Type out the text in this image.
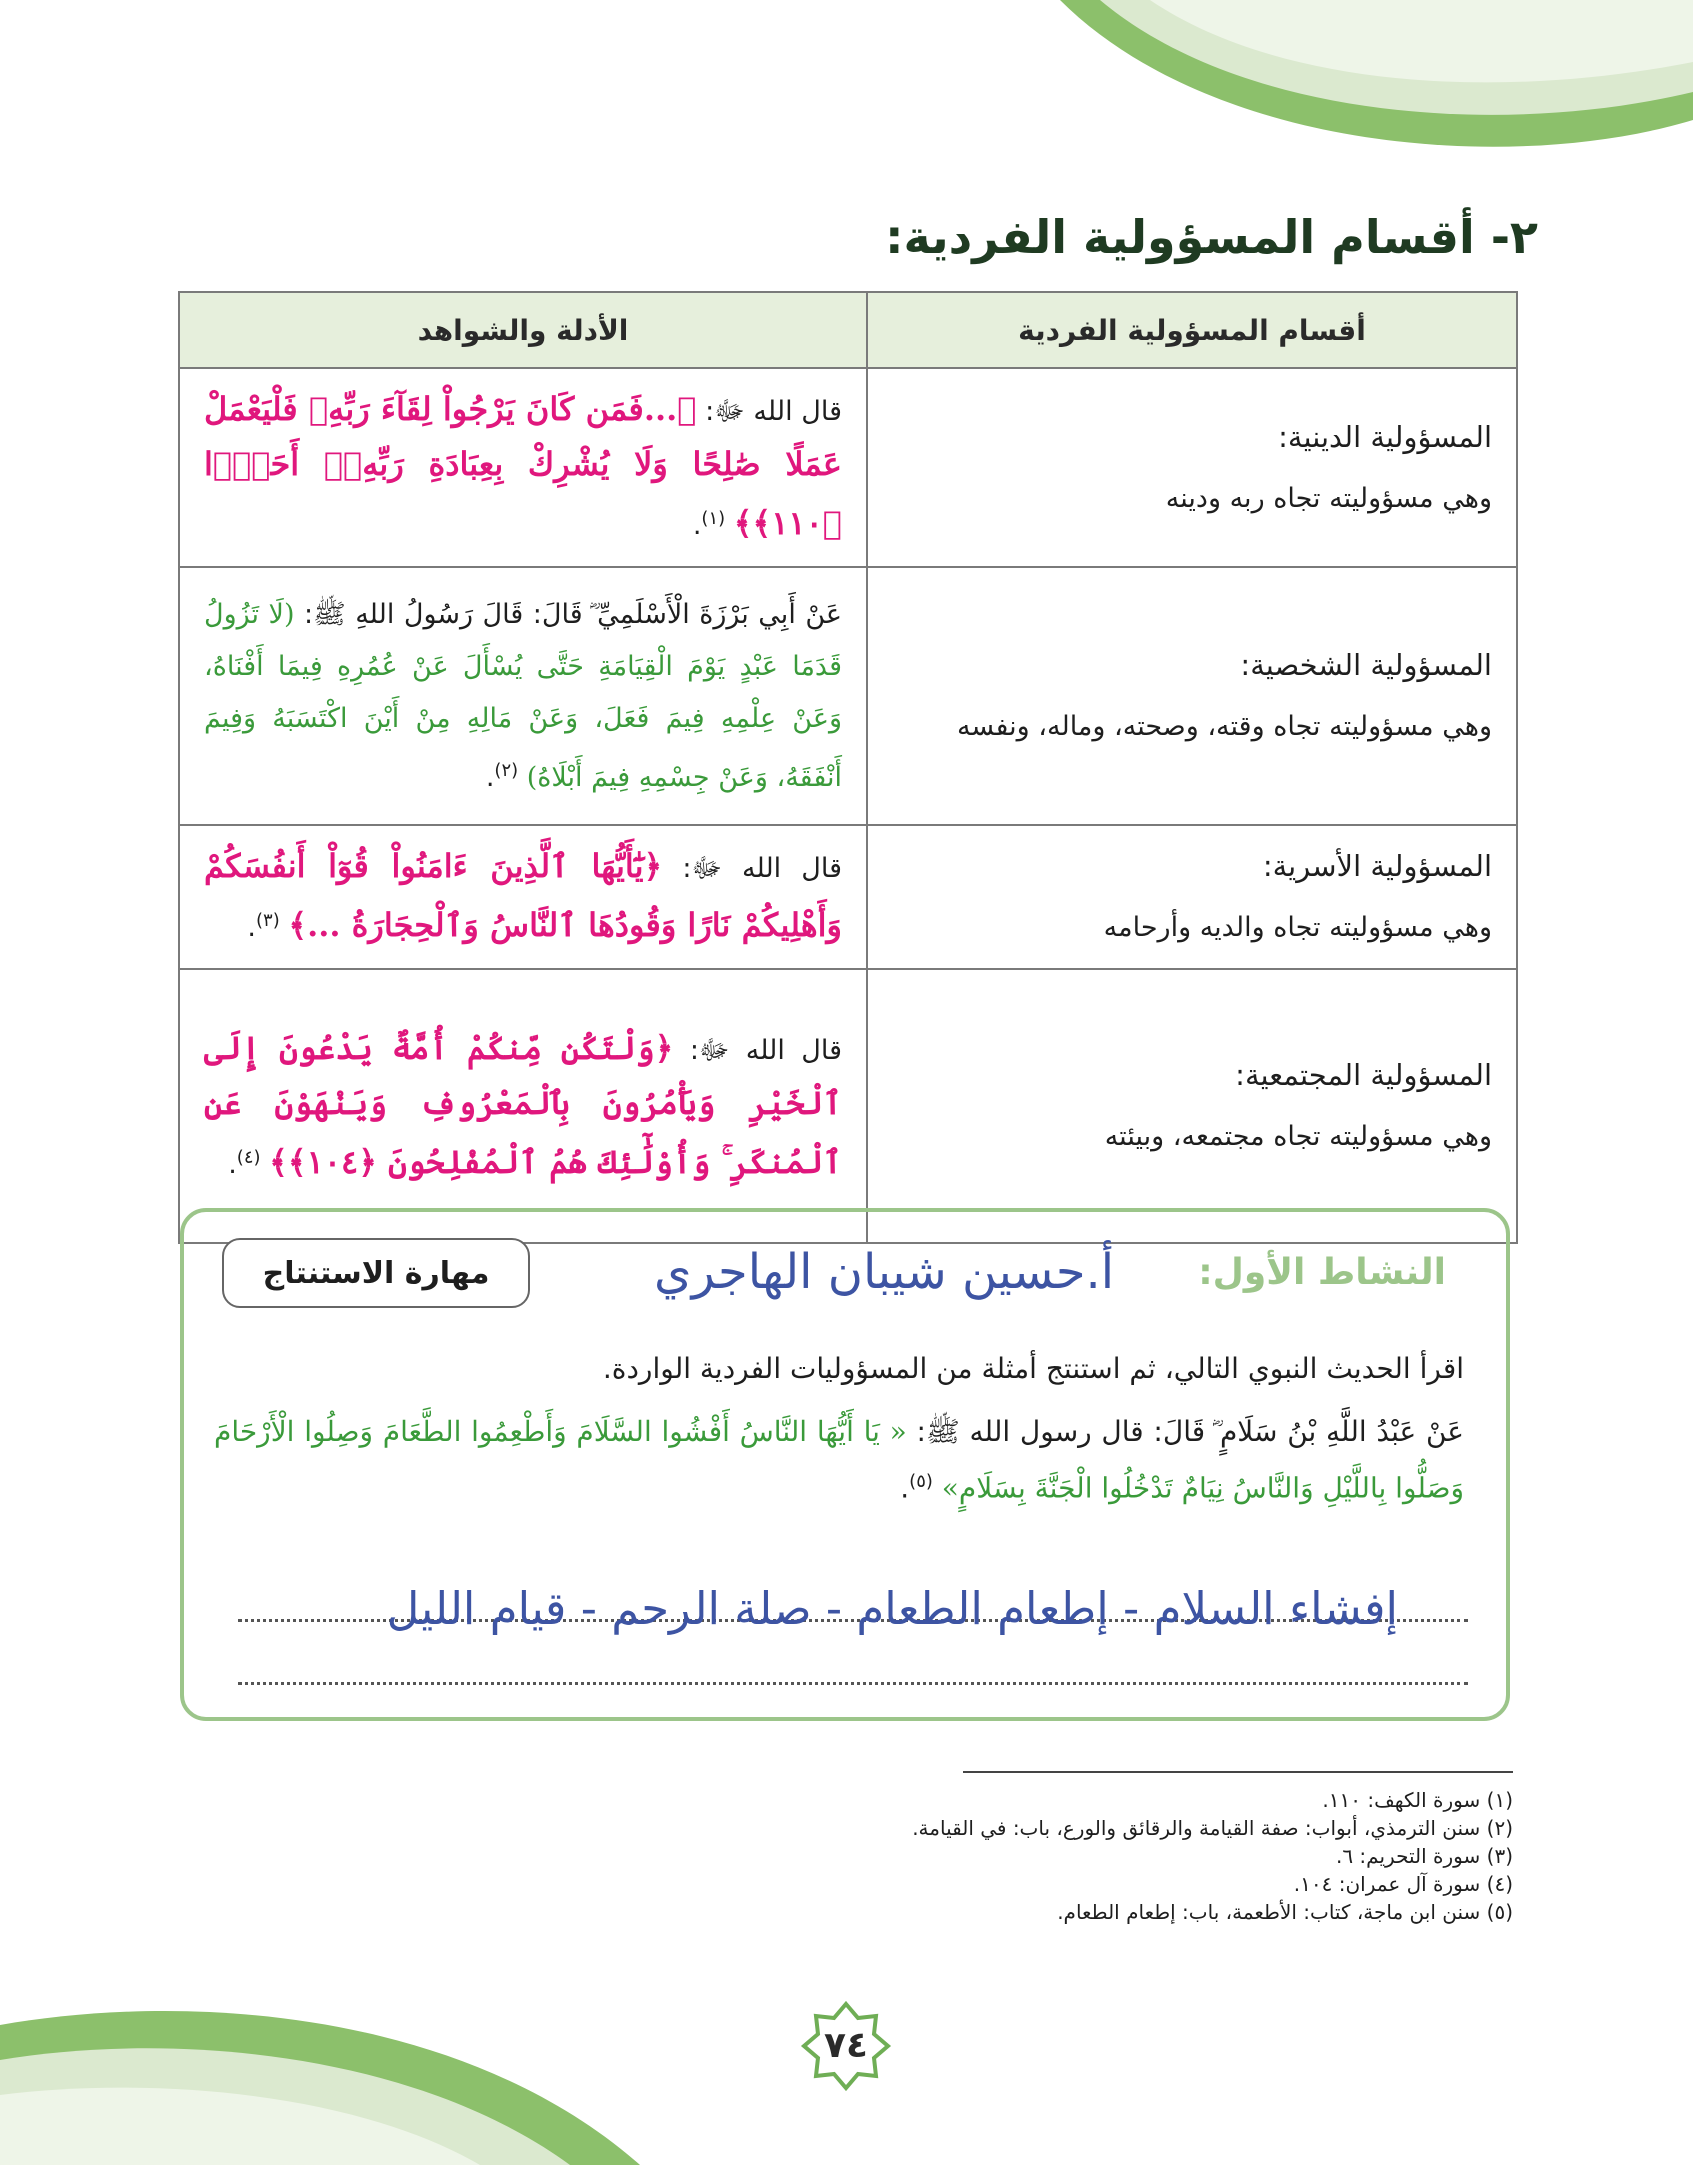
٢- أقسام المسؤولية الفردية:
أقسام المسؤولية الفردية	الأدلة والشواهد

المسؤولية الدينية:
وهي مسؤوليته تجاه ربه ودينه	قال الله ﷻ: ﴿...فَمَن كَانَ يَرْجُواْ لِقَآءَ رَبِّهِۦ فَلْيَعْمَلْ عَمَلًا صَٰلِحًا وَلَا يُشْرِكْ بِعِبَادَةِ رَبِّهِۦٓ أَحَدًۢا ﴿١١٠﴾﴾ $^{(١)}$.

المسؤولية الشخصية:
وهي مسؤوليته تجاه وقته، وصحته، وماله، ونفسه	عَنْ أَبِي بَرْزَةَ الْأَسْلَمِيِّ ؓ قَالَ: قَالَ رَسُولُ اللهِ ﷺ: (لَا تَزُولُ قَدَمَا عَبْدٍ يَوْمَ الْقِيَامَةِ حَتَّى يُسْأَلَ عَنْ عُمُرِهِ فِيمَا أَفْنَاهُ، وَعَنْ عِلْمِهِ فِيمَ فَعَلَ، وَعَنْ مَالِهِ مِنْ أَيْنَ اكْتَسَبَهُ وَفِيمَ أَنْفَقَهُ، وَعَنْ جِسْمِهِ فِيمَ أَبْلَاهُ) $^{(٢)}$.

المسؤولية الأسرية:
وهي مسؤوليته تجاه والديه وأرحامه	قال الله ﷻ: ﴿يَٰٓأَيُّهَا ٱلَّذِينَ ءَامَنُواْ قُوٓاْ أَنفُسَكُمْ وَأَهْلِيكُمْ نَارًا وَقُودُهَا ٱلنَّاسُ وَٱلْحِجَارَةُ ...﴾ $^{(٣)}$.

المسؤولية المجتمعية:
وهي مسؤوليته تجاه مجتمعه، وبيئته	قال الله ﷻ: ﴿وَلْتَكُن مِّنكُمْ أُمَّةٌ يَدْعُونَ إِلَى ٱلْخَيْرِ وَيَأْمُرُونَ بِٱلْمَعْرُوفِ وَيَنْهَوْنَ عَنِ ٱلْمُنكَرِ ۚ وَأُوْلَٰٓئِكَ هُمُ ٱلْمُفْلِحُونَ ﴿١٠٤﴾﴾ $^{(٤)}$.
النشاط الأول:
أ.حسين شيبان الهاجري
مهارة الاستنتاج
اقرأ الحديث النبوي التالي، ثم استنتج أمثلة من المسؤوليات الفردية الواردة.
عَنْ عَبْدُ اللَّهِ بْنُ سَلَامٍ ؓ قَالَ: قال رسول الله ﷺ: « يَا أَيُّهَا النَّاسُ أَفْشُوا السَّلَامَ وَأَطْعِمُوا الطَّعَامَ وَصِلُوا الْأَرْحَامَ وَصَلُّوا بِاللَّيْلِ وَالنَّاسُ نِيَامٌ تَدْخُلُوا الْجَنَّةَ بِسَلَامٍ» $^{(٥)}$.
إفشاء السلام - إطعام الطعام - صلة الرحم - قيام الليل
(١) سورة الكهف: ١١٠.
(٢) سنن الترمذي، أبواب: صفة القيامة والرقائق والورع، باب: في القيامة.
(٣) سورة التحريم: ٦.
(٤) سورة آل عمران: ١٠٤.
(٥) سنن ابن ماجة، كتاب: الأطعمة، باب: إطعام الطعام.
٧٤
